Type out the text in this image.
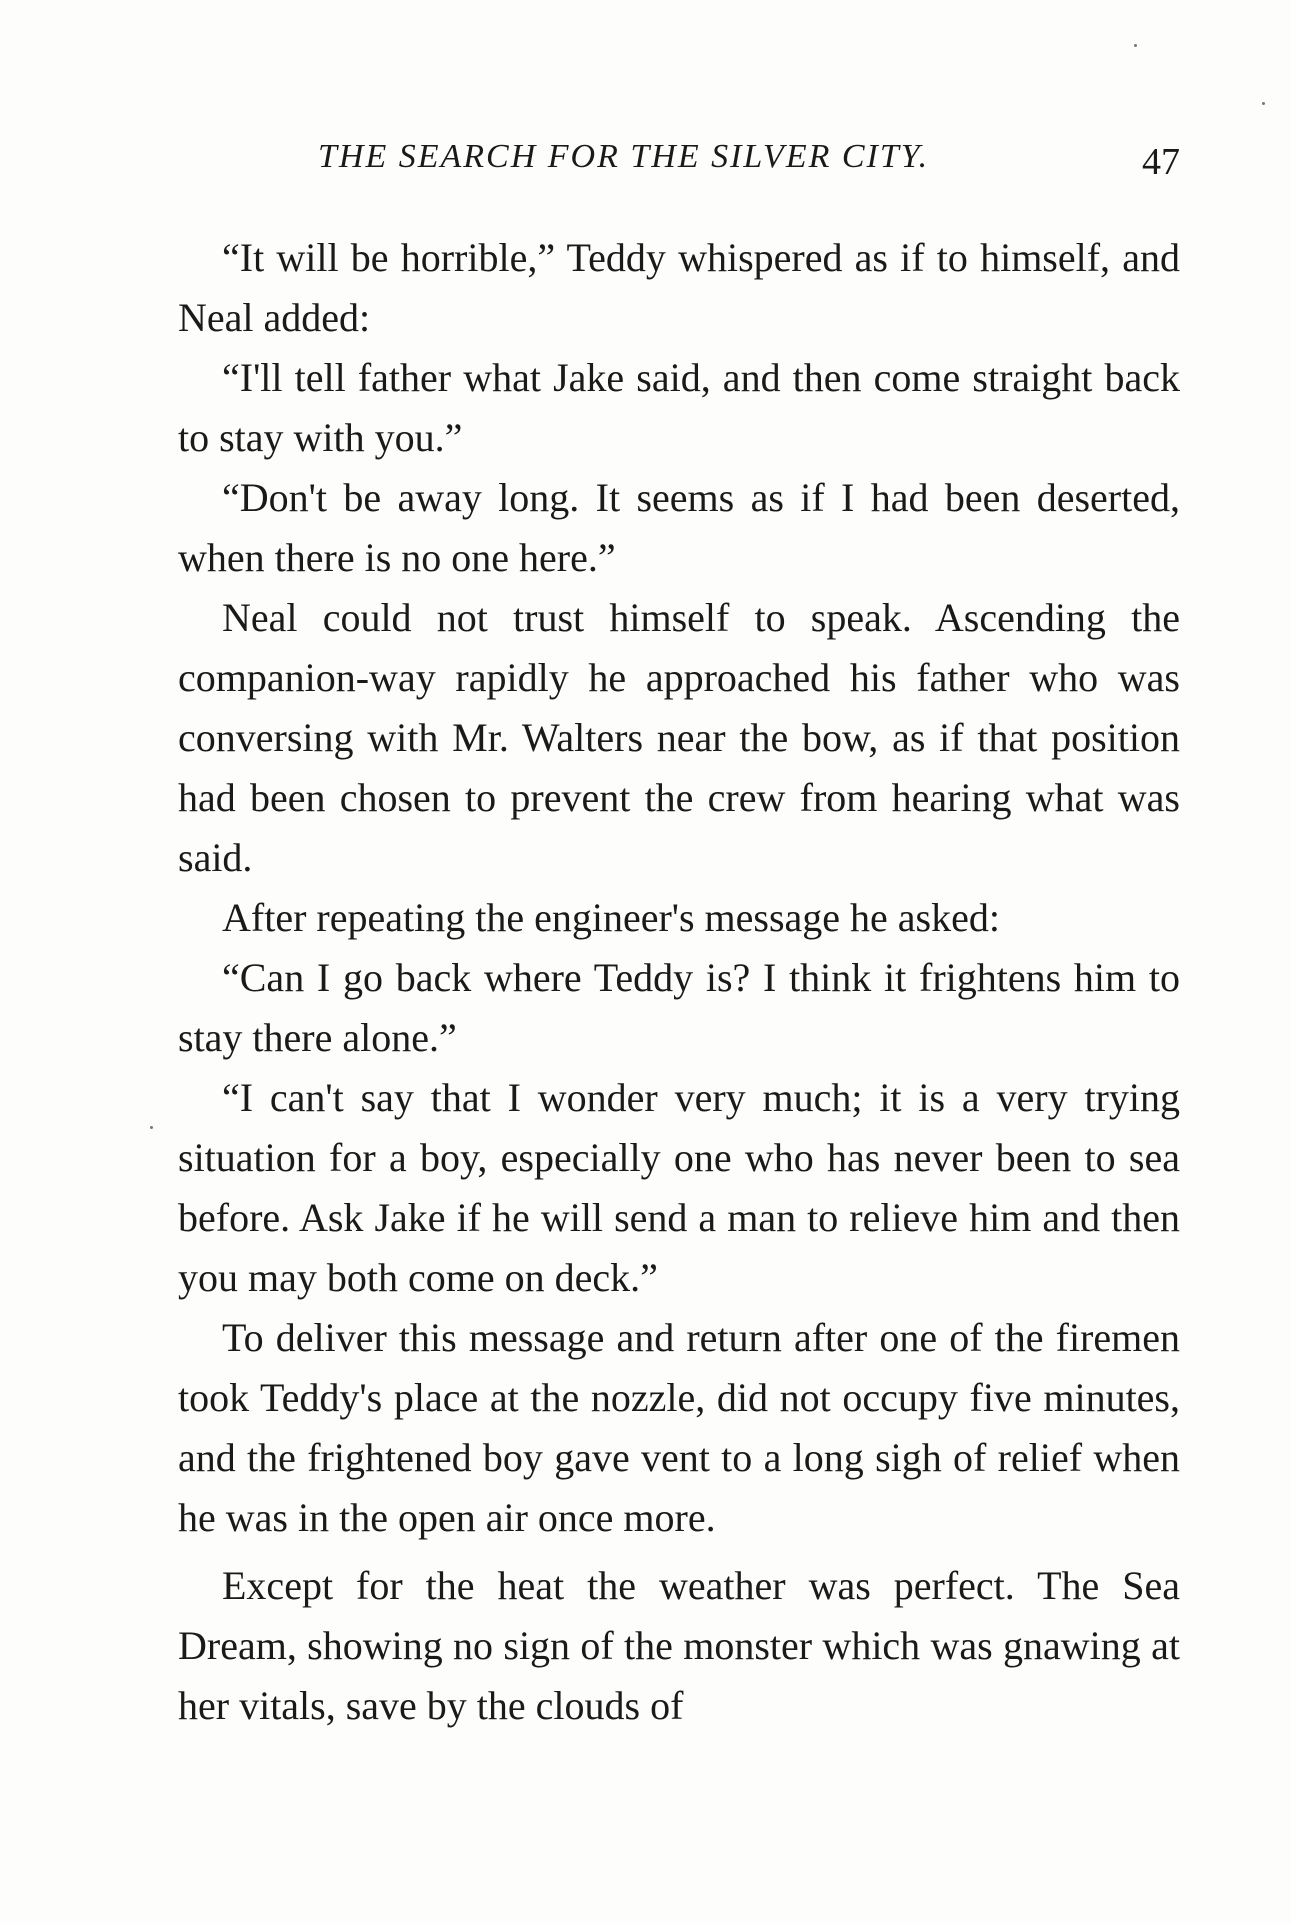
THE SEARCH FOR THE SILVER CITY.	47

“It will be horrible,” Teddy whispered as if to himself, and Neal added:

“I'll tell father what Jake said, and then come straight back to stay with you.”

“Don't be away long. It seems as if I had been deserted, when there is no one here.”

Neal could not trust himself to speak. Ascending the companion-way rapidly he approached his father who was conversing with Mr. Walters near the bow, as if that position had been chosen to prevent the crew from hearing what was said.

After repeating the engineer's message he asked:

“Can I go back where Teddy is? I think it frightens him to stay there alone.”

“I can't say that I wonder very much; it is a very trying situation for a boy, especially one who has never been to sea before. Ask Jake if he will send a man to relieve him and then you may both come on deck.”

To deliver this message and return after one of the firemen took Teddy's place at the nozzle, did not occupy five minutes, and the frightened boy gave vent to a long sigh of relief when he was in the open air once more.

Except for the heat the weather was perfect. The Sea Dream, showing no sign of the monster which was gnawing at her vitals, save by the clouds of
